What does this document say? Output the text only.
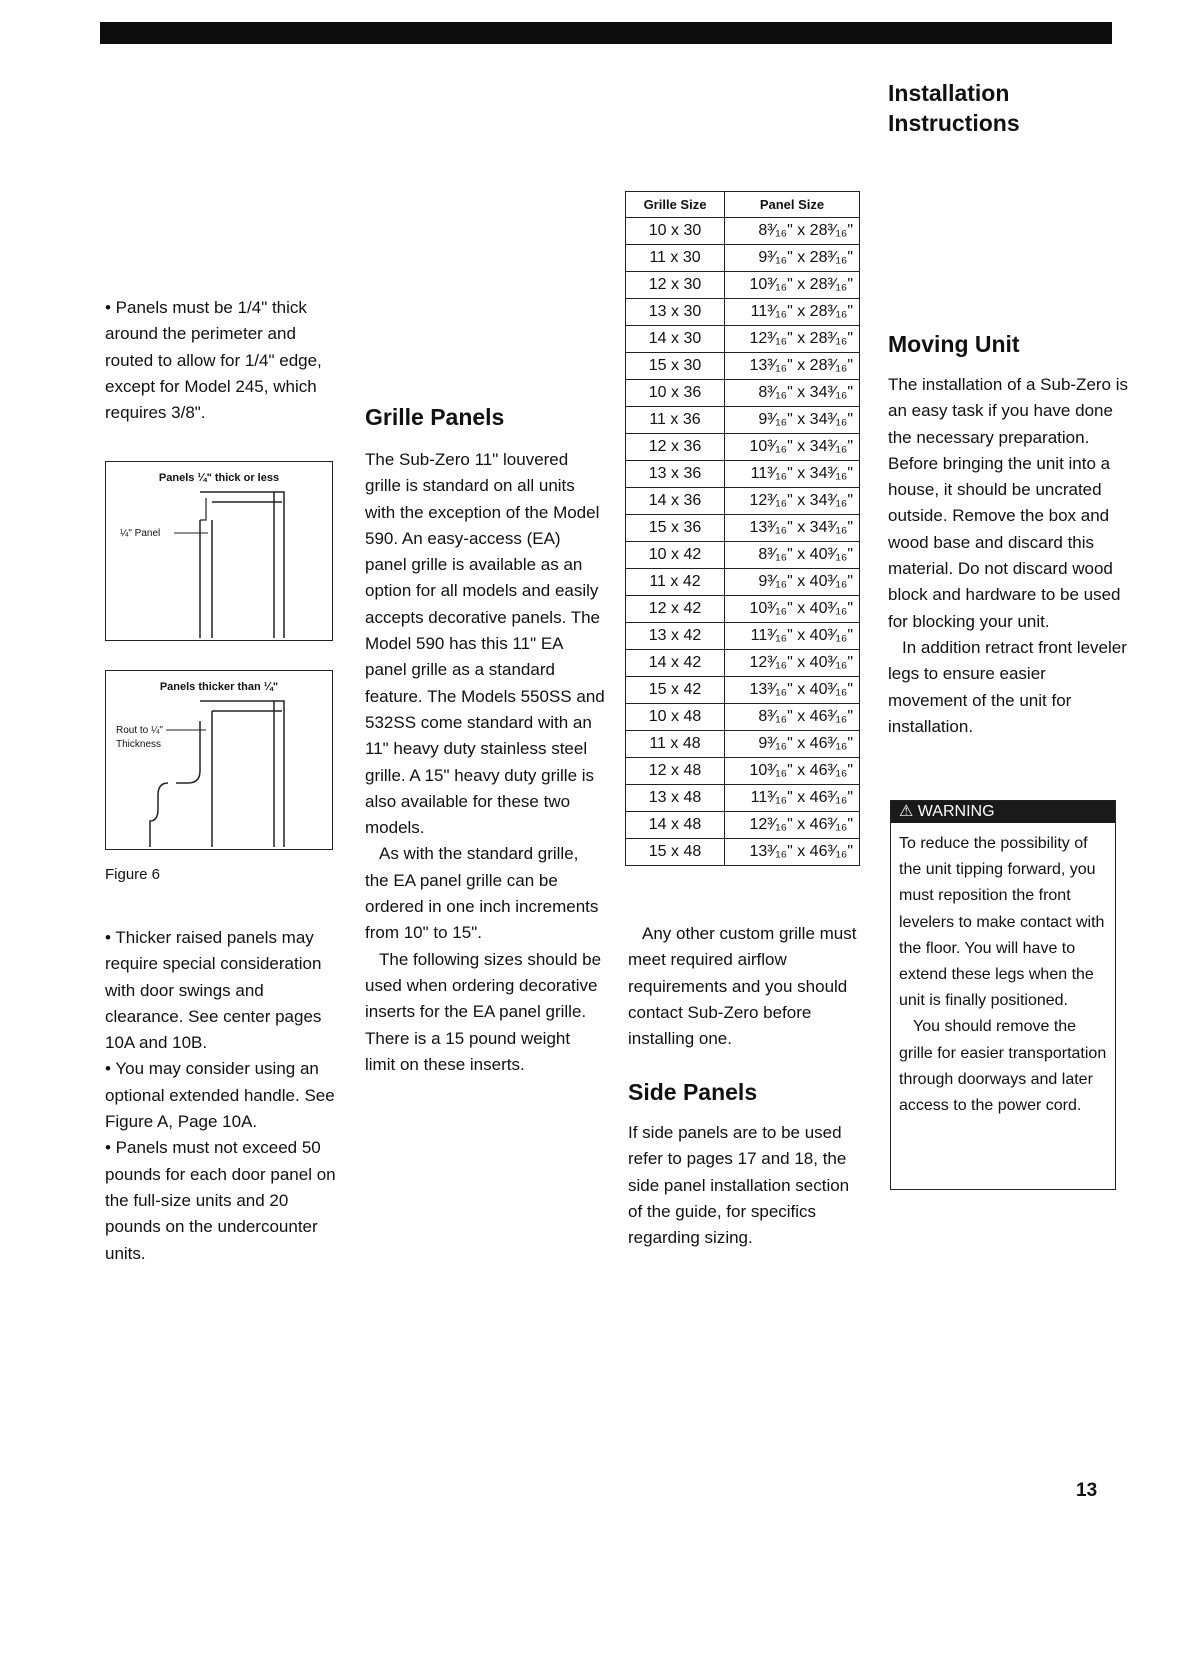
Installation
Instructions

• Panels must be 1/4" thick around the perimeter and routed to allow for 1/4" edge, except for Model 245, which requires 3/8".

Panels ¼" thick or less
¼" Panel
Panels thicker than ¼"
Rout to ¼"
Thickness
Figure 6

• Thicker raised panels may require special consideration with door swings and clearance. See center pages 10A and 10B.

• You may consider using an optional extended handle. See Figure A, Page 10A.

• Panels must not exceed 50 pounds for each door panel on the full-size units and 20 pounds on the undercounter units.

Grille Panels

The Sub-Zero 11" louvered grille is standard on all units with the exception of the Model 590. An easy-access (EA) panel grille is available as an option for all models and easily accepts decorative panels. The Model 590 has this 11" EA panel grille as a standard feature. The Models 550SS and 532SS come standard with an 11" heavy duty stainless steel grille. A 15" heavy duty grille is also available for these two models.

As with the standard grille, the EA panel grille can be ordered in one inch increments from 10" to 15".

The following sizes should be used when ordering decorative inserts for the EA panel grille. There is a 15 pound weight limit on these inserts.

Grille Size	Panel Size
10 x 30	8³⁄₁₆" x 28³⁄₁₆"
11 x 30	9³⁄₁₆" x 28³⁄₁₆"
12 x 30	10³⁄₁₆" x 28³⁄₁₆"
13 x 30	11³⁄₁₆" x 28³⁄₁₆"
14 x 30	12³⁄₁₆" x 28³⁄₁₆"
15 x 30	13³⁄₁₆" x 28³⁄₁₆"
10 x 36	8³⁄₁₆" x 34³⁄₁₆"
11 x 36	9³⁄₁₆" x 34³⁄₁₆"
12 x 36	10³⁄₁₆" x 34³⁄₁₆"
13 x 36	11³⁄₁₆" x 34³⁄₁₆"
14 x 36	12³⁄₁₆" x 34³⁄₁₆"
15 x 36	13³⁄₁₆" x 34³⁄₁₆"
10 x 42	8³⁄₁₆" x 40³⁄₁₆"
11 x 42	9³⁄₁₆" x 40³⁄₁₆"
12 x 42	10³⁄₁₆" x 40³⁄₁₆"
13 x 42	11³⁄₁₆" x 40³⁄₁₆"
14 x 42	12³⁄₁₆" x 40³⁄₁₆"
15 x 42	13³⁄₁₆" x 40³⁄₁₆"
10 x 48	8³⁄₁₆" x 46³⁄₁₆"
11 x 48	9³⁄₁₆" x 46³⁄₁₆"
12 x 48	10³⁄₁₆" x 46³⁄₁₆"
13 x 48	11³⁄₁₆" x 46³⁄₁₆"
14 x 48	12³⁄₁₆" x 46³⁄₁₆"
15 x 48	13³⁄₁₆" x 46³⁄₁₆"

Any other custom grille must meet required airflow requirements and you should contact Sub-Zero before installing one.

Side Panels

If side panels are to be used refer to pages 17 and 18, the side panel installation section of the guide, for specifics regarding sizing.

Moving Unit

The installation of a Sub-Zero is an easy task if you have done the necessary preparation. Before bringing the unit into a house, it should be uncrated outside. Remove the box and wood base and discard this material. Do not discard wood block and hardware to be used for blocking your unit.

In addition retract front leveler legs to ensure easier movement of the unit for installation.

⚠ WARNING

To reduce the possibility of the unit tipping forward, you must reposition the front levelers to make contact with the floor. You will have to extend these legs when the unit is finally positioned.

You should remove the grille for easier transportation through doorways and later access to the power cord.

13
